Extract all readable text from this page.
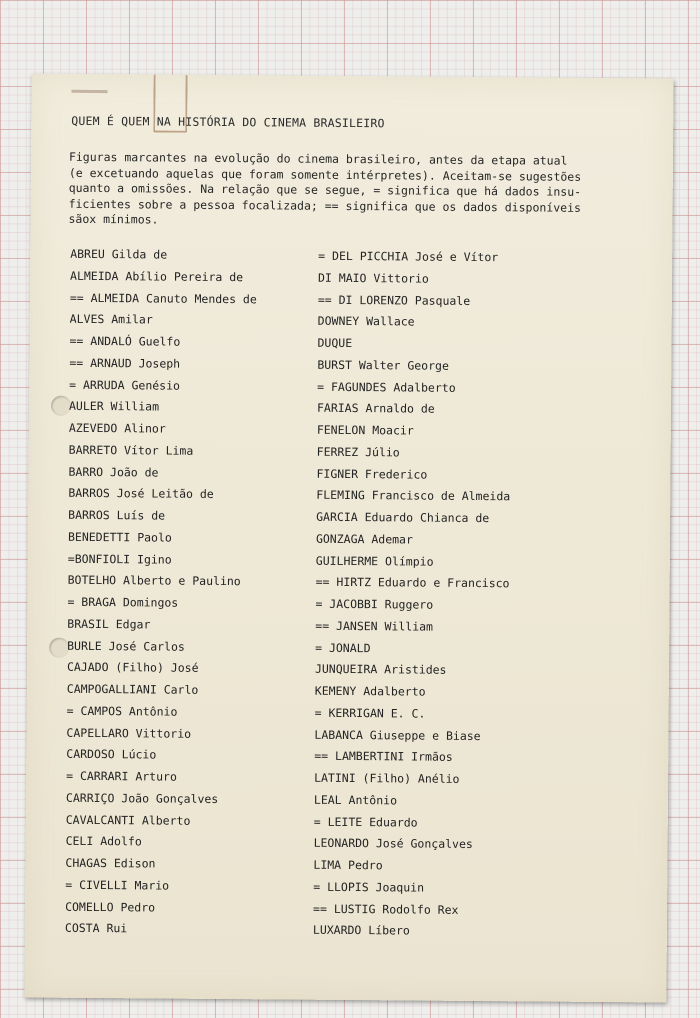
QUEM É QUEM NA HISTÓRIA DO CINEMA BRASILEIRO
Figuras marcantes na evolução do cinema brasileiro, antes da etapa atual
(e excetuando aquelas que foram somente intérpretes). Aceitam-se sugestões
quanto a omissões. Na relação que se segue, = significa que há dados insu-
ficientes sobre a pessoa focalizada; == significa que os dados disponíveis
sãox mínimos.
ABREU Gilda de
ALMEIDA Abílio Pereira de
== ALMEIDA Canuto Mendes de
ALVES Amilar
== ANDALÓ Guelfo
== ARNAUD Joseph
= ARRUDA Genésio
AULER William
AZEVEDO Alinor
BARRETO Vítor Lima
BARRO João de
BARROS José Leitão de
BARROS Luís de
BENEDETTI Paolo
=BONFIOLI Igino
BOTELHO Alberto e Paulino
= BRAGA Domingos
BRASIL Edgar
BURLE José Carlos
CAJADO (Filho) José
CAMPOGALLIANI Carlo
= CAMPOS Antônio
CAPELLARO Vittorio
CARDOSO Lúcio
= CARRARI Arturo
CARRIÇO João Gonçalves
CAVALCANTI Alberto
CELI Adolfo
CHAGAS Edison
= CIVELLI Mario
COMELLO Pedro
COSTA Rui
= DEL PICCHIA José e Vítor
DI MAIO Vittorio
== DI LORENZO Pasquale
DOWNEY Wallace
DUQUE
BURST Walter George
= FAGUNDES Adalberto
FARIAS Arnaldo de
FENELON Moacir
FERREZ Júlio
FIGNER Frederico
FLEMING Francisco de Almeida
GARCIA Eduardo Chianca de
GONZAGA Ademar
GUILHERME Olímpio
== HIRTZ Eduardo e Francisco
= JACOBBI Ruggero
== JANSEN William
= JONALD
JUNQUEIRA Aristides
KEMENY Adalberto
= KERRIGAN E. C.
LABANCA Giuseppe e Biase
== LAMBERTINI Irmãos
LATINI (Filho) Anélio
LEAL Antônio
= LEITE Eduardo
LEONARDO José Gonçalves
LIMA Pedro
= LLOPIS Joaquin
== LUSTIG Rodolfo Rex
LUXARDO Líbero
